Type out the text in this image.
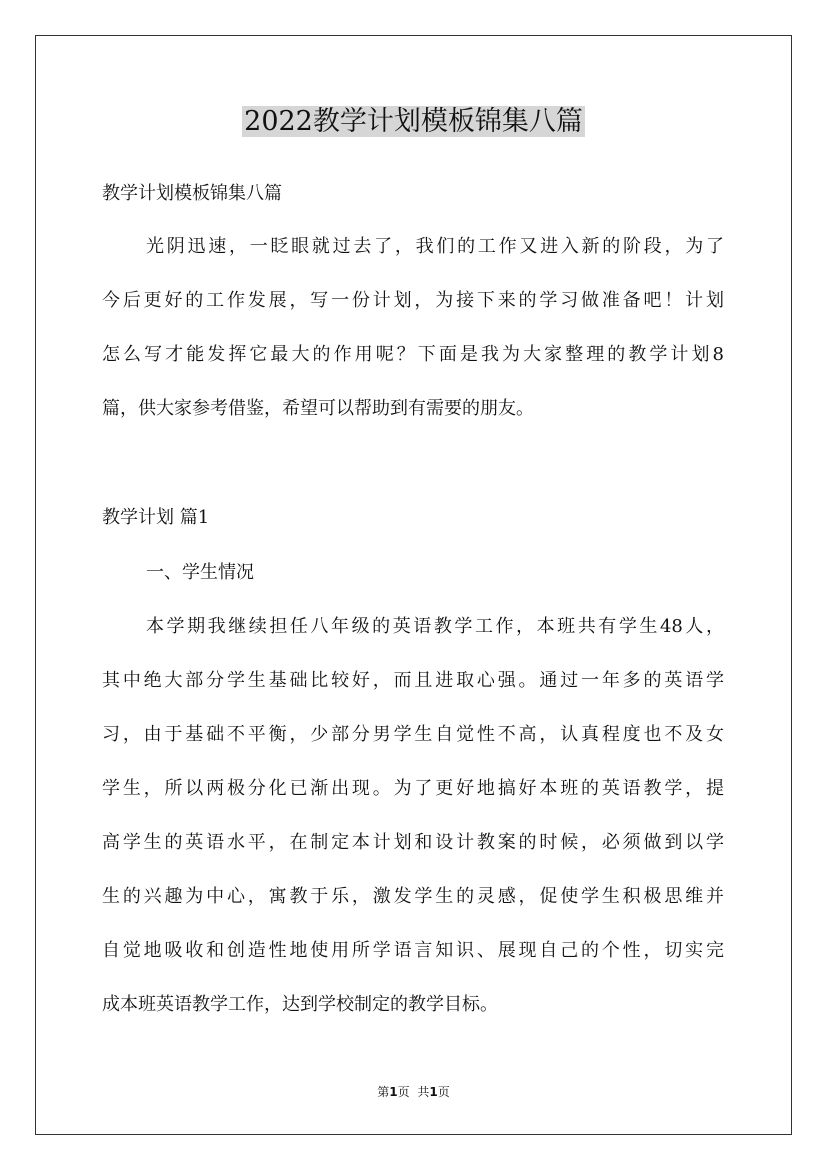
2022教学计划模板锦集八篇
教学计划模板锦集八篇
光阴迅速，一眨眼就过去了，我们的工作又进入新的阶段，为了
今后更好的工作发展，写一份计划，为接下来的学习做准备吧！计划
怎么写才能发挥它最大的作用呢？下面是我为大家整理的教学计划8
篇，供大家参考借鉴，希望可以帮助到有需要的朋友。
教学计划 篇1
一、学生情况
本学期我继续担任八年级的英语教学工作，本班共有学生48人，
其中绝大部分学生基础比较好，而且进取心强。通过一年多的英语学
习，由于基础不平衡，少部分男学生自觉性不高，认真程度也不及女
学生，所以两极分化已渐出现。为了更好地搞好本班的英语教学，提
高学生的英语水平，在制定本计划和设计教案的时候，必须做到以学
生的兴趣为中心，寓教于乐，激发学生的灵感，促使学生积极思维并
自觉地吸收和创造性地使用所学语言知识、展现自己的个性，切实完
成本班英语教学工作，达到学校制定的教学目标。
第1页 共1页
